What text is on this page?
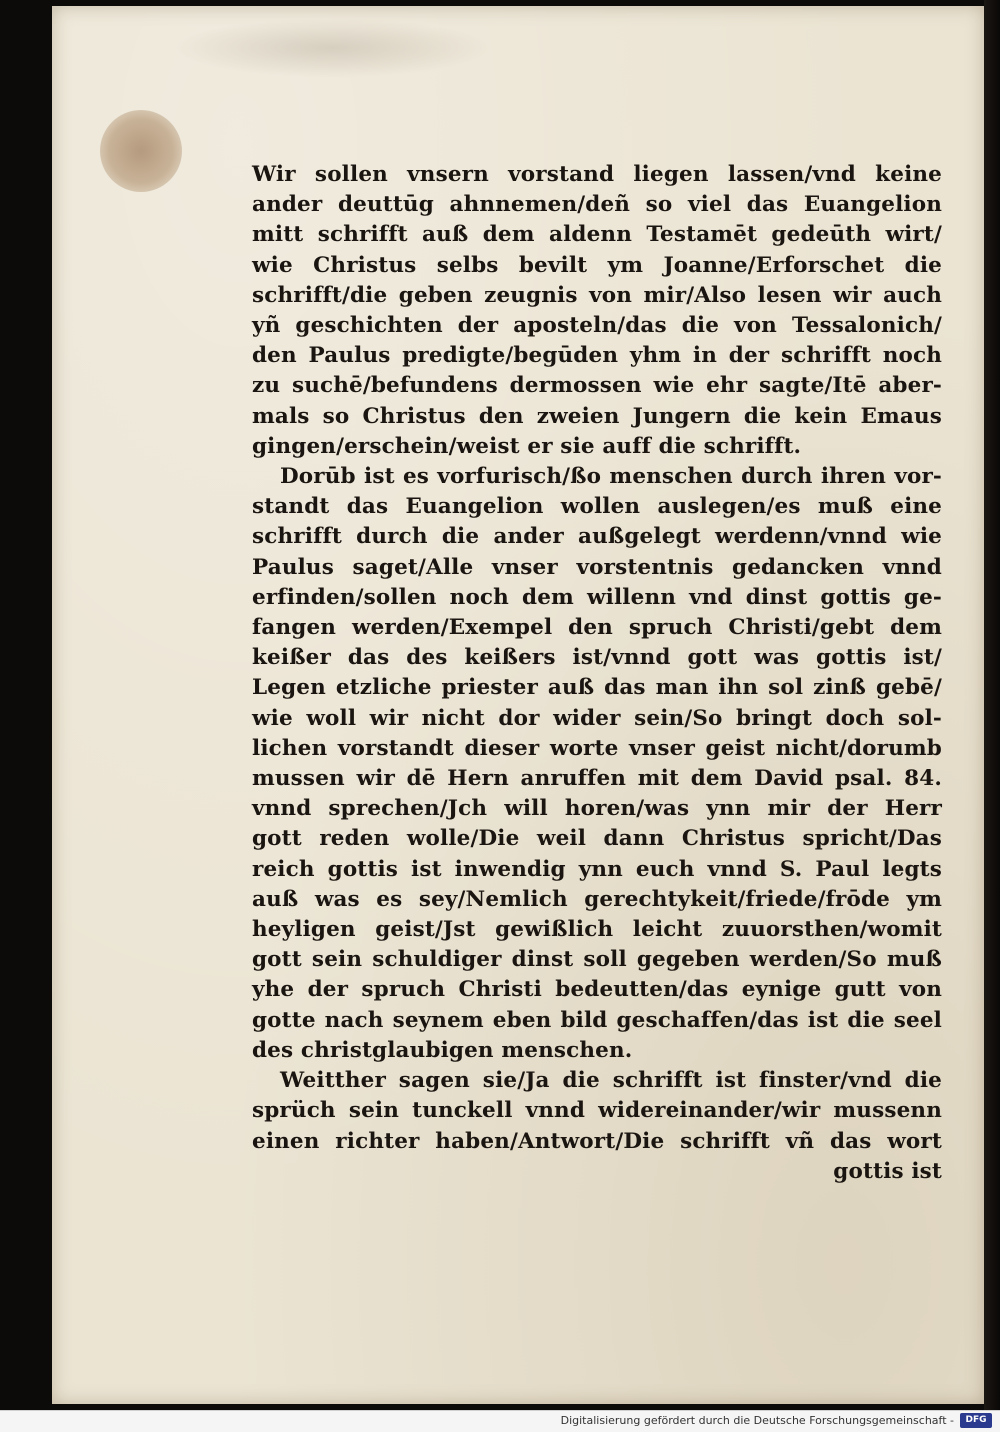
Wir sollen vnsern vorstand liegen lassen/vnd keine
ander deuttūg ahnnemen/deñ so viel das Euangelion
mitt schrifft auß dem aldenn Testamēt gedeūth wirt/
wie Christus selbs bevilt ym Joanne/Erforschet die
schrifft/die geben zeugnis von mir/Also lesen wir auch
yñ geschichten der aposteln/das die von Tessalonich/
den Paulus predigte/begūden yhm in der schrifft noch
zu suchē/befundens dermossen wie ehr sagte/Itē aber-
mals so Christus den zweien Jungern die kein Emaus
gingen/erschein/weist er sie auff die schrifft.
Dorūb ist es vorfurisch/ßo menschen durch ihren vor-
standt das Euangelion wollen auslegen/es muß eine
schrifft durch die ander außgelegt werdenn/vnnd wie
Paulus saget/Alle vnser vorstentnis gedancken vnnd
erfinden/sollen noch dem willenn vnd dinst gottis ge-
fangen werden/Exempel den spruch Christi/gebt dem
keißer das des keißers ist/vnnd gott was gottis ist/
Legen etzliche priester auß das man ihn sol zinß gebē/
wie woll wir nicht dor wider sein/So bringt doch sol-
lichen vorstandt dieser worte vnser geist nicht/dorumb
mussen wir dē Hern anruffen mit dem David psal. 84.
vnnd sprechen/Jch will horen/was ynn mir der Herr
gott reden wolle/Die weil dann Christus spricht/Das
reich gottis ist inwendig ynn euch vnnd S. Paul legts
auß was es sey/Nemlich gerechtykeit/friede/frōde ym
heyligen geist/Jst gewißlich leicht zuuorsthen/womit
gott sein schuldiger dinst soll gegeben werden/So muß
yhe der spruch Christi bedeutten/das eynige gutt von
gotte nach seynem eben bild geschaffen/das ist die seel
des christglaubigen menschen.
Weitther sagen sie/Ja die schrifft ist finster/vnd die
sprüch sein tunckell vnnd widereinander/wir mussenn
einen richter haben/Antwort/Die schrifft vñ das wort
gottis ist
Digitalisierung gefördert durch die Deutsche Forschungsgemeinschaft -	DFG
